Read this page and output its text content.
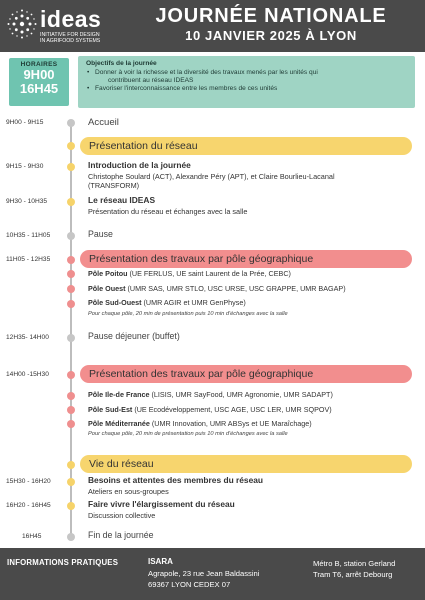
ideas
INITIATIVE FOR DESIGN
IN AGRIFOOD SYSTEMS
JOURNÉE NATIONALE
10 JANVIER 2025 À LYON
HORAIRES
9H00
16H45
Objectifs de la journée
• Donner à voir la richesse et la diversité des travaux menés par les unités qui
contribuent au réseau IDEAS
• Favoriser l'interconnaissance entre les membres de ces unités
9H00 - 9H15	Accueil
Présentation du réseau
9H15 - 9H30	Introduction de la journée
Christophe Soulard (ACT), Alexandre Péry (APT), et Claire Bourlieu-Lacanal
(TRANSFORM)
9H30 - 10H35	Le réseau IDEAS
Présentation du réseau et échanges avec la salle
10H35 - 11H05	Pause
11H05 - 12H35	Présentation des travaux par pôle géographique
Pôle Poitou (UE FERLUS, UE saint Laurent de la Prée, CEBC)
Pôle Ouest (UMR SAS, UMR STLO, USC URSE, USC GRAPPE, UMR BAGAP)
Pôle Sud-Ouest (UMR AGIR et UMR GenPhyse)
Pour chaque pôle, 20 min de présentation puis 10 min d'échanges avec la salle
12H35- 14H00	Pause déjeuner (buffet)
14H00 -15H30	Présentation des travaux par pôle géographique
Pôle Ile-de France (LISIS, UMR SayFood, UMR Agronomie, UMR SADAPT)
Pôle Sud-Est (UE Ecodéveloppement, USC AGE, USC LER, UMR SQPOV)
Pôle Méditerranée (UMR Innovation, UMR ABSys et UE Maraîchage)
Pour chaque pôle, 20 min de présentation puis 10 min d'échanges avec la salle
Vie du réseau
15H30 - 16H20	Besoins et attentes des membres du réseau
Ateliers en sous-groupes
16H20 - 16H45	Faire vivre l'élargissement du réseau
Discussion collective
16H45	Fin de la journée
INFORMATIONS PRATIQUES	ISARA
Agrapole, 23 rue Jean Baldassini
69367 LYON CEDEX 07
Métro B, station Gerland
Tram T6, arrêt Debourg
